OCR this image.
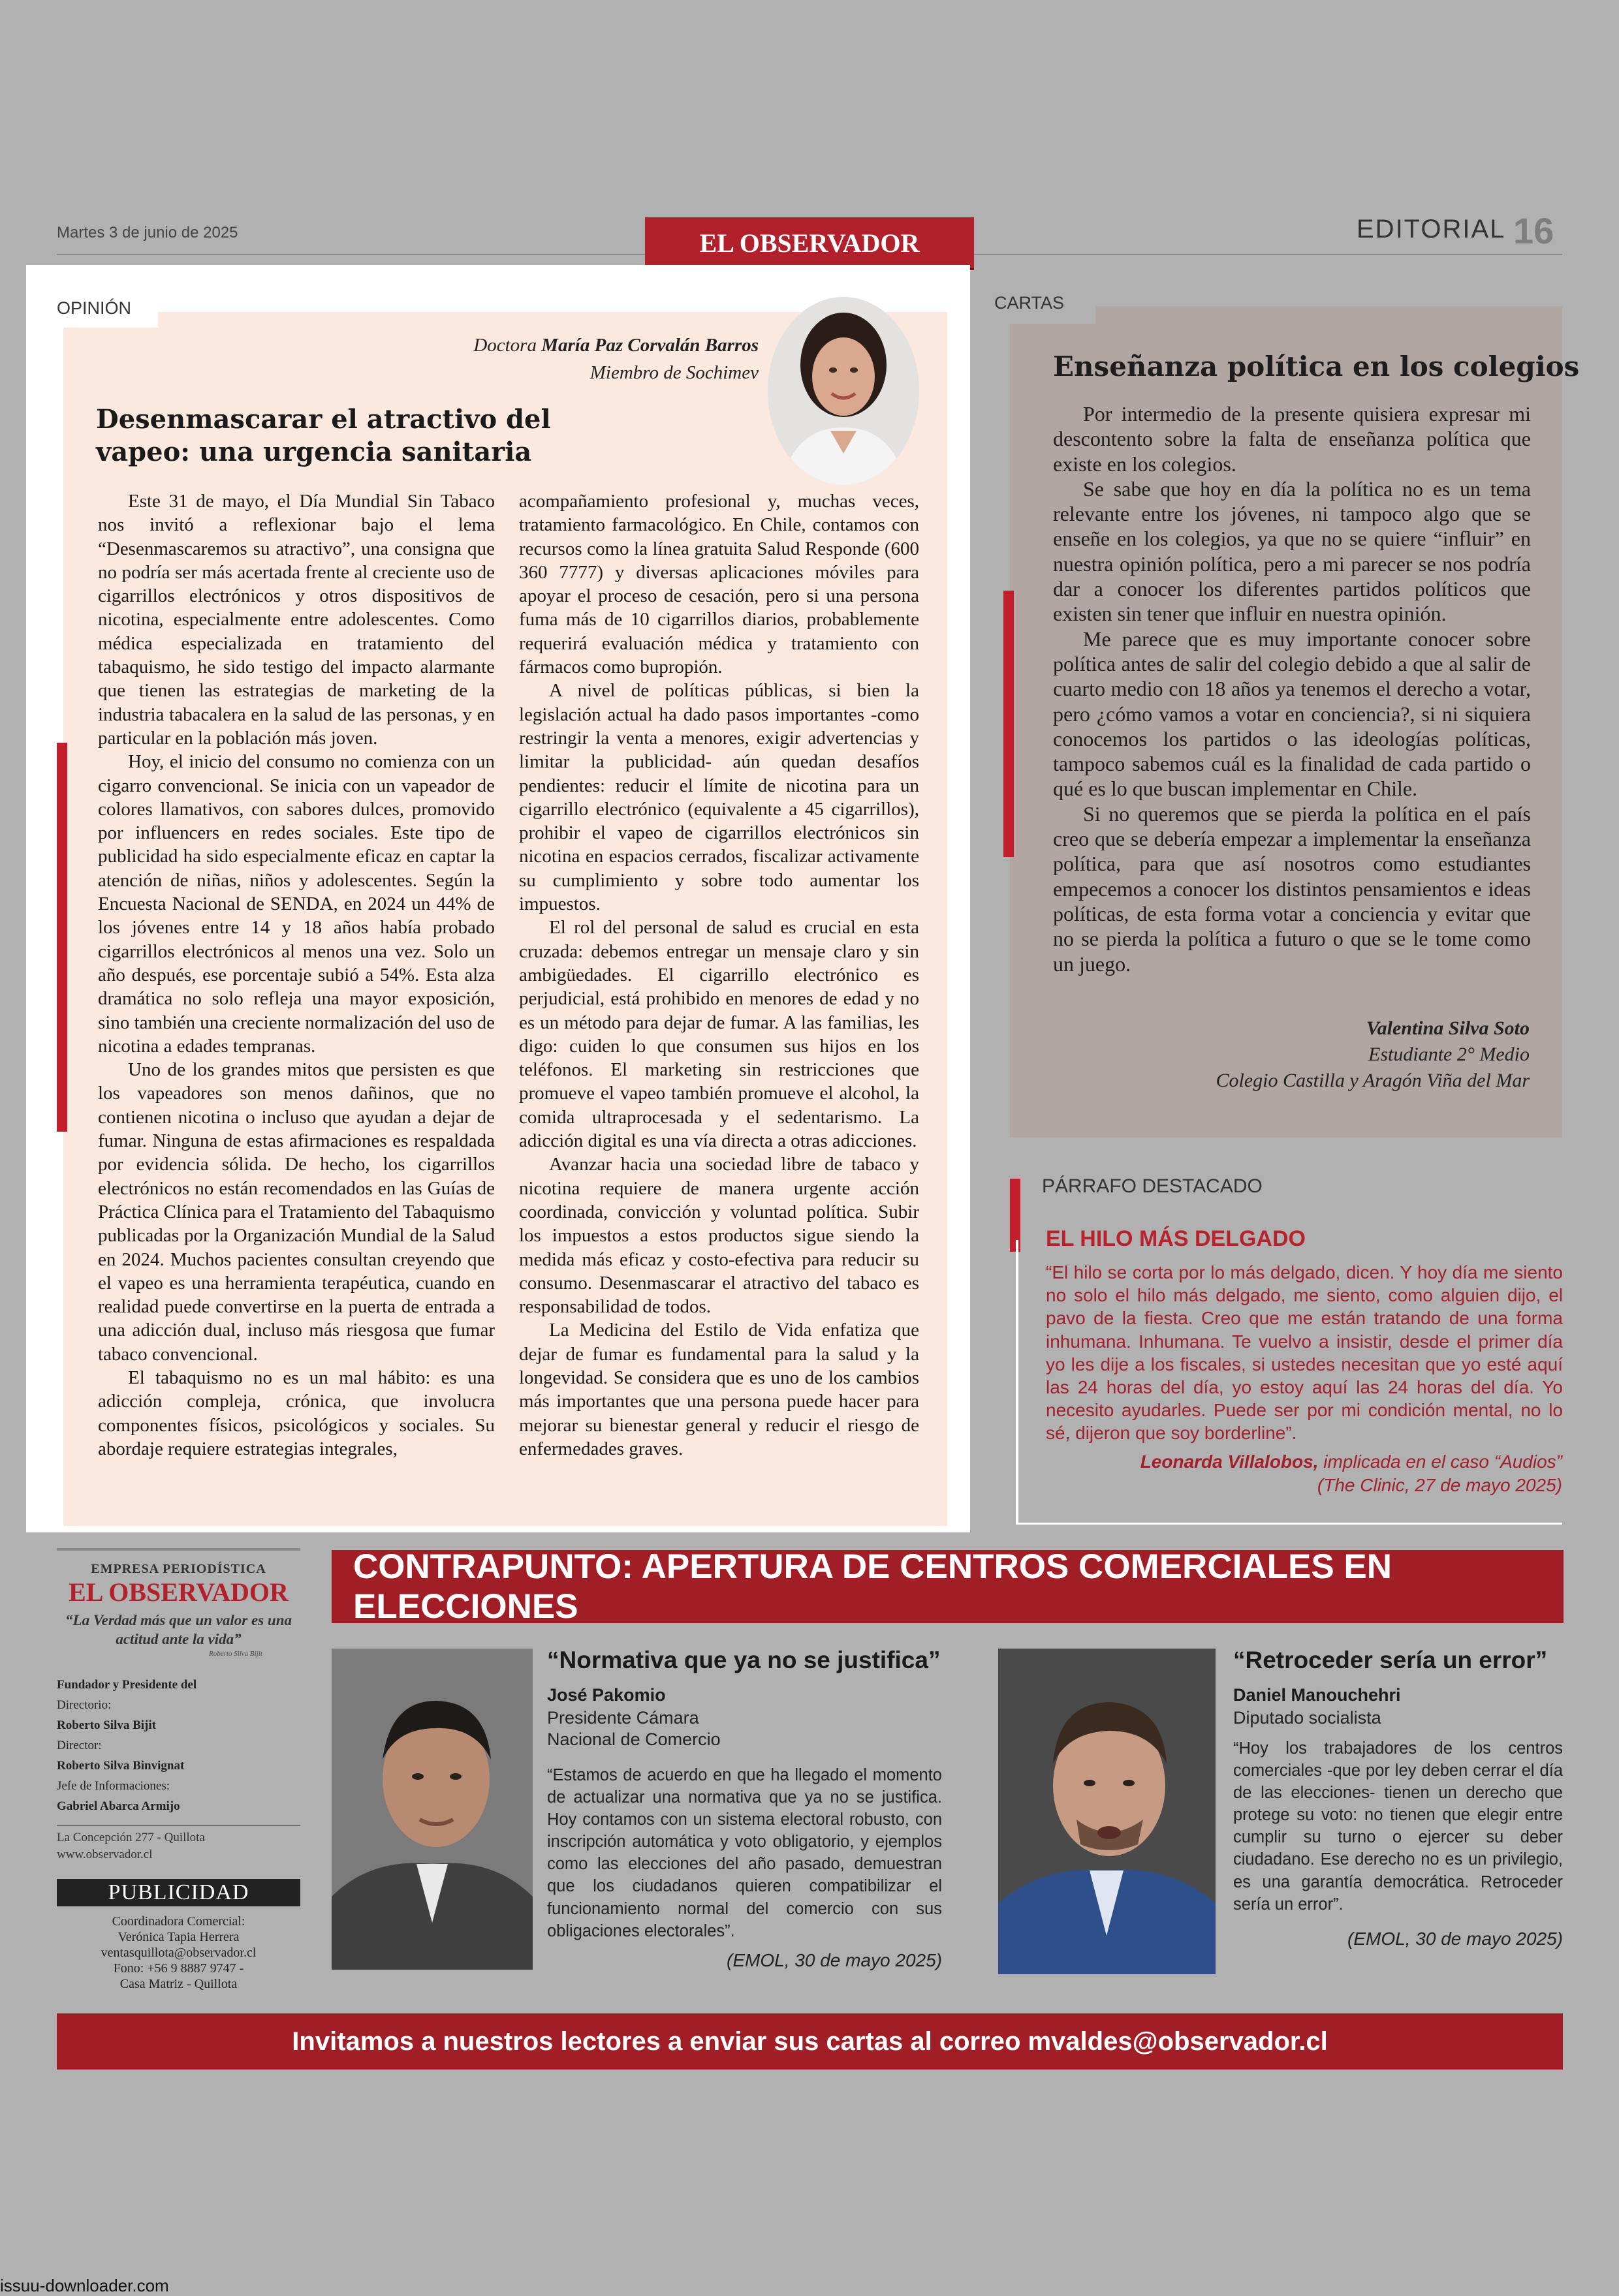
Martes 3 de junio de 2025	EL OBSERVADOR	EDITORIAL 16
OPINIÓN
Doctora María Paz Corvalán Barros
Miembro de Sochimev
Desenmascarar el atractivo del vapeo: una urgencia sanitaria

Este 31 de mayo, el Día Mundial Sin Tabaco nos invitó a reflexionar bajo el lema “Desenmascaremos su atractivo”, una consigna que no podría ser más acertada frente al creciente uso de cigarrillos electrónicos y otros dispositivos de nicotina, especialmente entre adolescentes. Como médica especializada en tratamiento del tabaquismo, he sido testigo del impacto alarmante que tienen las estrategias de marketing de la industria tabacalera en la salud de las personas, y en particular en la población más joven.

Hoy, el inicio del consumo no comienza con un cigarro convencional. Se inicia con un vapeador de colores llamativos, con sabores dulces, promovido por influencers en redes sociales. Este tipo de publicidad ha sido especialmente eficaz en captar la atención de niñas, niños y adolescentes. Según la Encuesta Nacional de SENDA, en 2024 un 44% de los jóvenes entre 14 y 18 años había probado cigarrillos electrónicos al menos una vez. Solo un año después, ese porcentaje subió a 54%. Esta alza dramática no solo refleja una mayor exposición, sino también una creciente normalización del uso de nicotina a edades tempranas.

Uno de los grandes mitos que persisten es que los vapeadores son menos dañinos, que no contienen nicotina o incluso que ayudan a dejar de fumar. Ninguna de estas afirmaciones es respaldada por evidencia sólida. De hecho, los cigarrillos electrónicos no están recomendados en las Guías de Práctica Clínica para el Tratamiento del Tabaquismo publicadas por la Organización Mundial de la Salud en 2024. Muchos pacientes consultan creyendo que el vapeo es una herramienta terapéutica, cuando en realidad puede convertirse en la puerta de entrada a una adicción dual, incluso más riesgosa que fumar tabaco convencional.

El tabaquismo no es un mal hábito: es una adicción compleja, crónica, que involucra componentes físicos, psicológicos y sociales. Su abordaje requiere estrategias integrales,

acompañamiento profesional y, muchas veces, tratamiento farmacológico. En Chile, contamos con recursos como la línea gratuita Salud Responde (600 360 7777) y diversas aplicaciones móviles para apoyar el proceso de cesación, pero si una persona fuma más de 10 cigarrillos diarios, probablemente requerirá evaluación médica y tratamiento con fármacos como bupropión.

A nivel de políticas públicas, si bien la legislación actual ha dado pasos importantes -como restringir la venta a menores, exigir advertencias y limitar la publicidad- aún quedan desafíos pendientes: reducir el límite de nicotina para un cigarrillo electrónico (equivalente a 45 cigarrillos), prohibir el vapeo de cigarrillos electrónicos sin nicotina en espacios cerrados, fiscalizar activamente su cumplimiento y sobre todo aumentar los impuestos.

El rol del personal de salud es crucial en esta cruzada: debemos entregar un mensaje claro y sin ambigüedades. El cigarrillo electrónico es perjudicial, está prohibido en menores de edad y no es un método para dejar de fumar. A las familias, les digo: cuiden lo que consumen sus hijos en los teléfonos. El marketing sin restricciones que promueve el vapeo también promueve el alcohol, la comida ultraprocesada y el sedentarismo. La adicción digital es una vía directa a otras adicciones.

Avanzar hacia una sociedad libre de tabaco y nicotina requiere de manera urgente acción coordinada, convicción y voluntad política. Subir los impuestos a estos productos sigue siendo la medida más eficaz y costo-efectiva para reducir su consumo. Desenmascarar el atractivo del tabaco es responsabilidad de todos.

La Medicina del Estilo de Vida enfatiza que dejar de fumar es fundamental para la salud y la longevidad. Se considera que es uno de los cambios más importantes que una persona puede hacer para mejorar su bienestar general y reducir el riesgo de enfermedades graves.

CARTAS
Enseñanza política en los colegios

Por intermedio de la presente quisiera expresar mi descontento sobre la falta de enseñanza política que existe en los colegios.

Se sabe que hoy en día la política no es un tema relevante entre los jóvenes, ni tampoco algo que se enseñe en los colegios, ya que no se quiere “influir” en nuestra opinión política, pero a mi parecer se nos podría dar a conocer los diferentes partidos políticos que existen sin tener que influir en nuestra opinión.

Me parece que es muy importante conocer sobre política antes de salir del colegio debido a que al salir de cuarto medio con 18 años ya tenemos el derecho a votar, pero ¿cómo vamos a votar en conciencia?, si ni siquiera conocemos los partidos o las ideologías políticas, tampoco sabemos cuál es la finalidad de cada partido o qué es lo que buscan implementar en Chile.

Si no queremos que se pierda la política en el país creo que se debería empezar a implementar la enseñanza política, para que así nosotros como estudiantes empecemos a conocer los distintos pensamientos e ideas políticas, de esta forma votar a conciencia y evitar que no se pierda la política a futuro o que se le tome como un juego.

Valentina Silva Soto
Estudiante 2° Medio
Colegio Castilla y Aragón Viña del Mar
PÁRRAFO DESTACADO
EL HILO MÁS DELGADO
“El hilo se corta por lo más delgado, dicen. Y hoy día me siento no solo el hilo más delgado, me siento, como alguien dijo, el pavo de la fiesta. Creo que me están tratando de una forma inhumana. Inhumana. Te vuelvo a insistir, desde el primer día yo les dije a los fiscales, si ustedes necesitan que yo esté aquí las 24 horas del día, yo estoy aquí las 24 horas del día. Yo necesito ayudarles. Puede ser por mi condición mental, no lo sé, dijeron que soy borderline”.
Leonarda Villalobos, implicada en el caso “Audios”
(The Clinic, 27 de mayo 2025)
EMPRESA PERIODÍSTICA
EL OBSERVADOR
“La Verdad más que un valor es una actitud ante la vida”
Roberto Silva Bijit
Fundador y Presidente del
Directorio:
Roberto Silva Bijit
Director:
Roberto Silva Binvignat
Jefe de Informaciones:
Gabriel Abarca Armijo
La Concepción 277 - Quillota
www.observador.cl
PUBLICIDAD
Coordinadora Comercial:
Verónica Tapia Herrera
ventasquillota@observador.cl
Fono: +56 9 8887 9747 -
Casa Matriz - Quillota
CONTRAPUNTO: APERTURA DE CENTROS COMERCIALES EN ELECCIONES
“Normativa que ya no se justifica”
José Pakomio
Presidente Cámara
Nacional de Comercio
“Estamos de acuerdo en que ha llegado el momento de actualizar una normativa que ya no se justifica. Hoy contamos con un sistema electoral robusto, con inscripción automática y voto obligatorio, y ejemplos como las elecciones del año pasado, demuestran que los ciudadanos quieren compatibilizar el funcionamiento normal del comercio con sus obligaciones electorales”.
(EMOL, 30 de mayo 2025)
“Retroceder sería un error”
Daniel Manouchehri
Diputado socialista
“Hoy los trabajadores de los centros comerciales -que por ley deben cerrar el día de las elecciones- tienen un derecho que protege su voto: no tienen que elegir entre cumplir su turno o ejercer su deber ciudadano. Ese derecho no es un privilegio, es una garantía democrática. Retroceder sería un error”.
(EMOL, 30 de mayo 2025)
Invitamos a nuestros lectores a enviar sus cartas al correo mvaldes@observador.cl
issuu-downloader.com
